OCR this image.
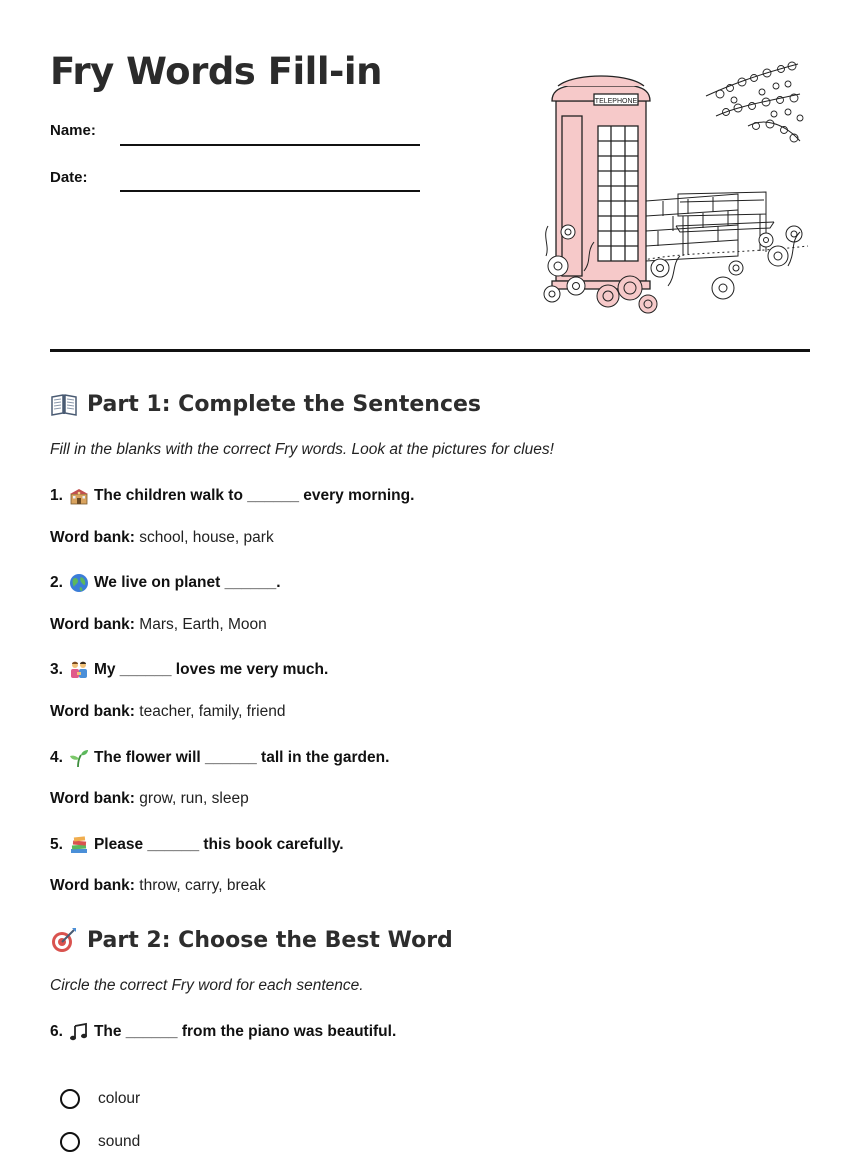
Fry Words Fill-in
Name:
Date:
TELEPHONE
Part 1: Complete the Sentences
Fill in the blanks with the correct Fry words. Look at the pictures for clues!
1. The children walk to ______ every morning.
Word bank: school, house, park
2. We live on planet ______.
Word bank: Mars, Earth, Moon
3. My ______ loves me very much.
Word bank: teacher, family, friend
4. The flower will ______ tall in the garden.
Word bank: grow, run, sleep
5. Please ______ this book carefully.
Word bank: throw, carry, break
Part 2: Choose the Best Word
Circle the correct Fry word for each sentence.
6. The ______ from the piano was beautiful.
colour
sound
